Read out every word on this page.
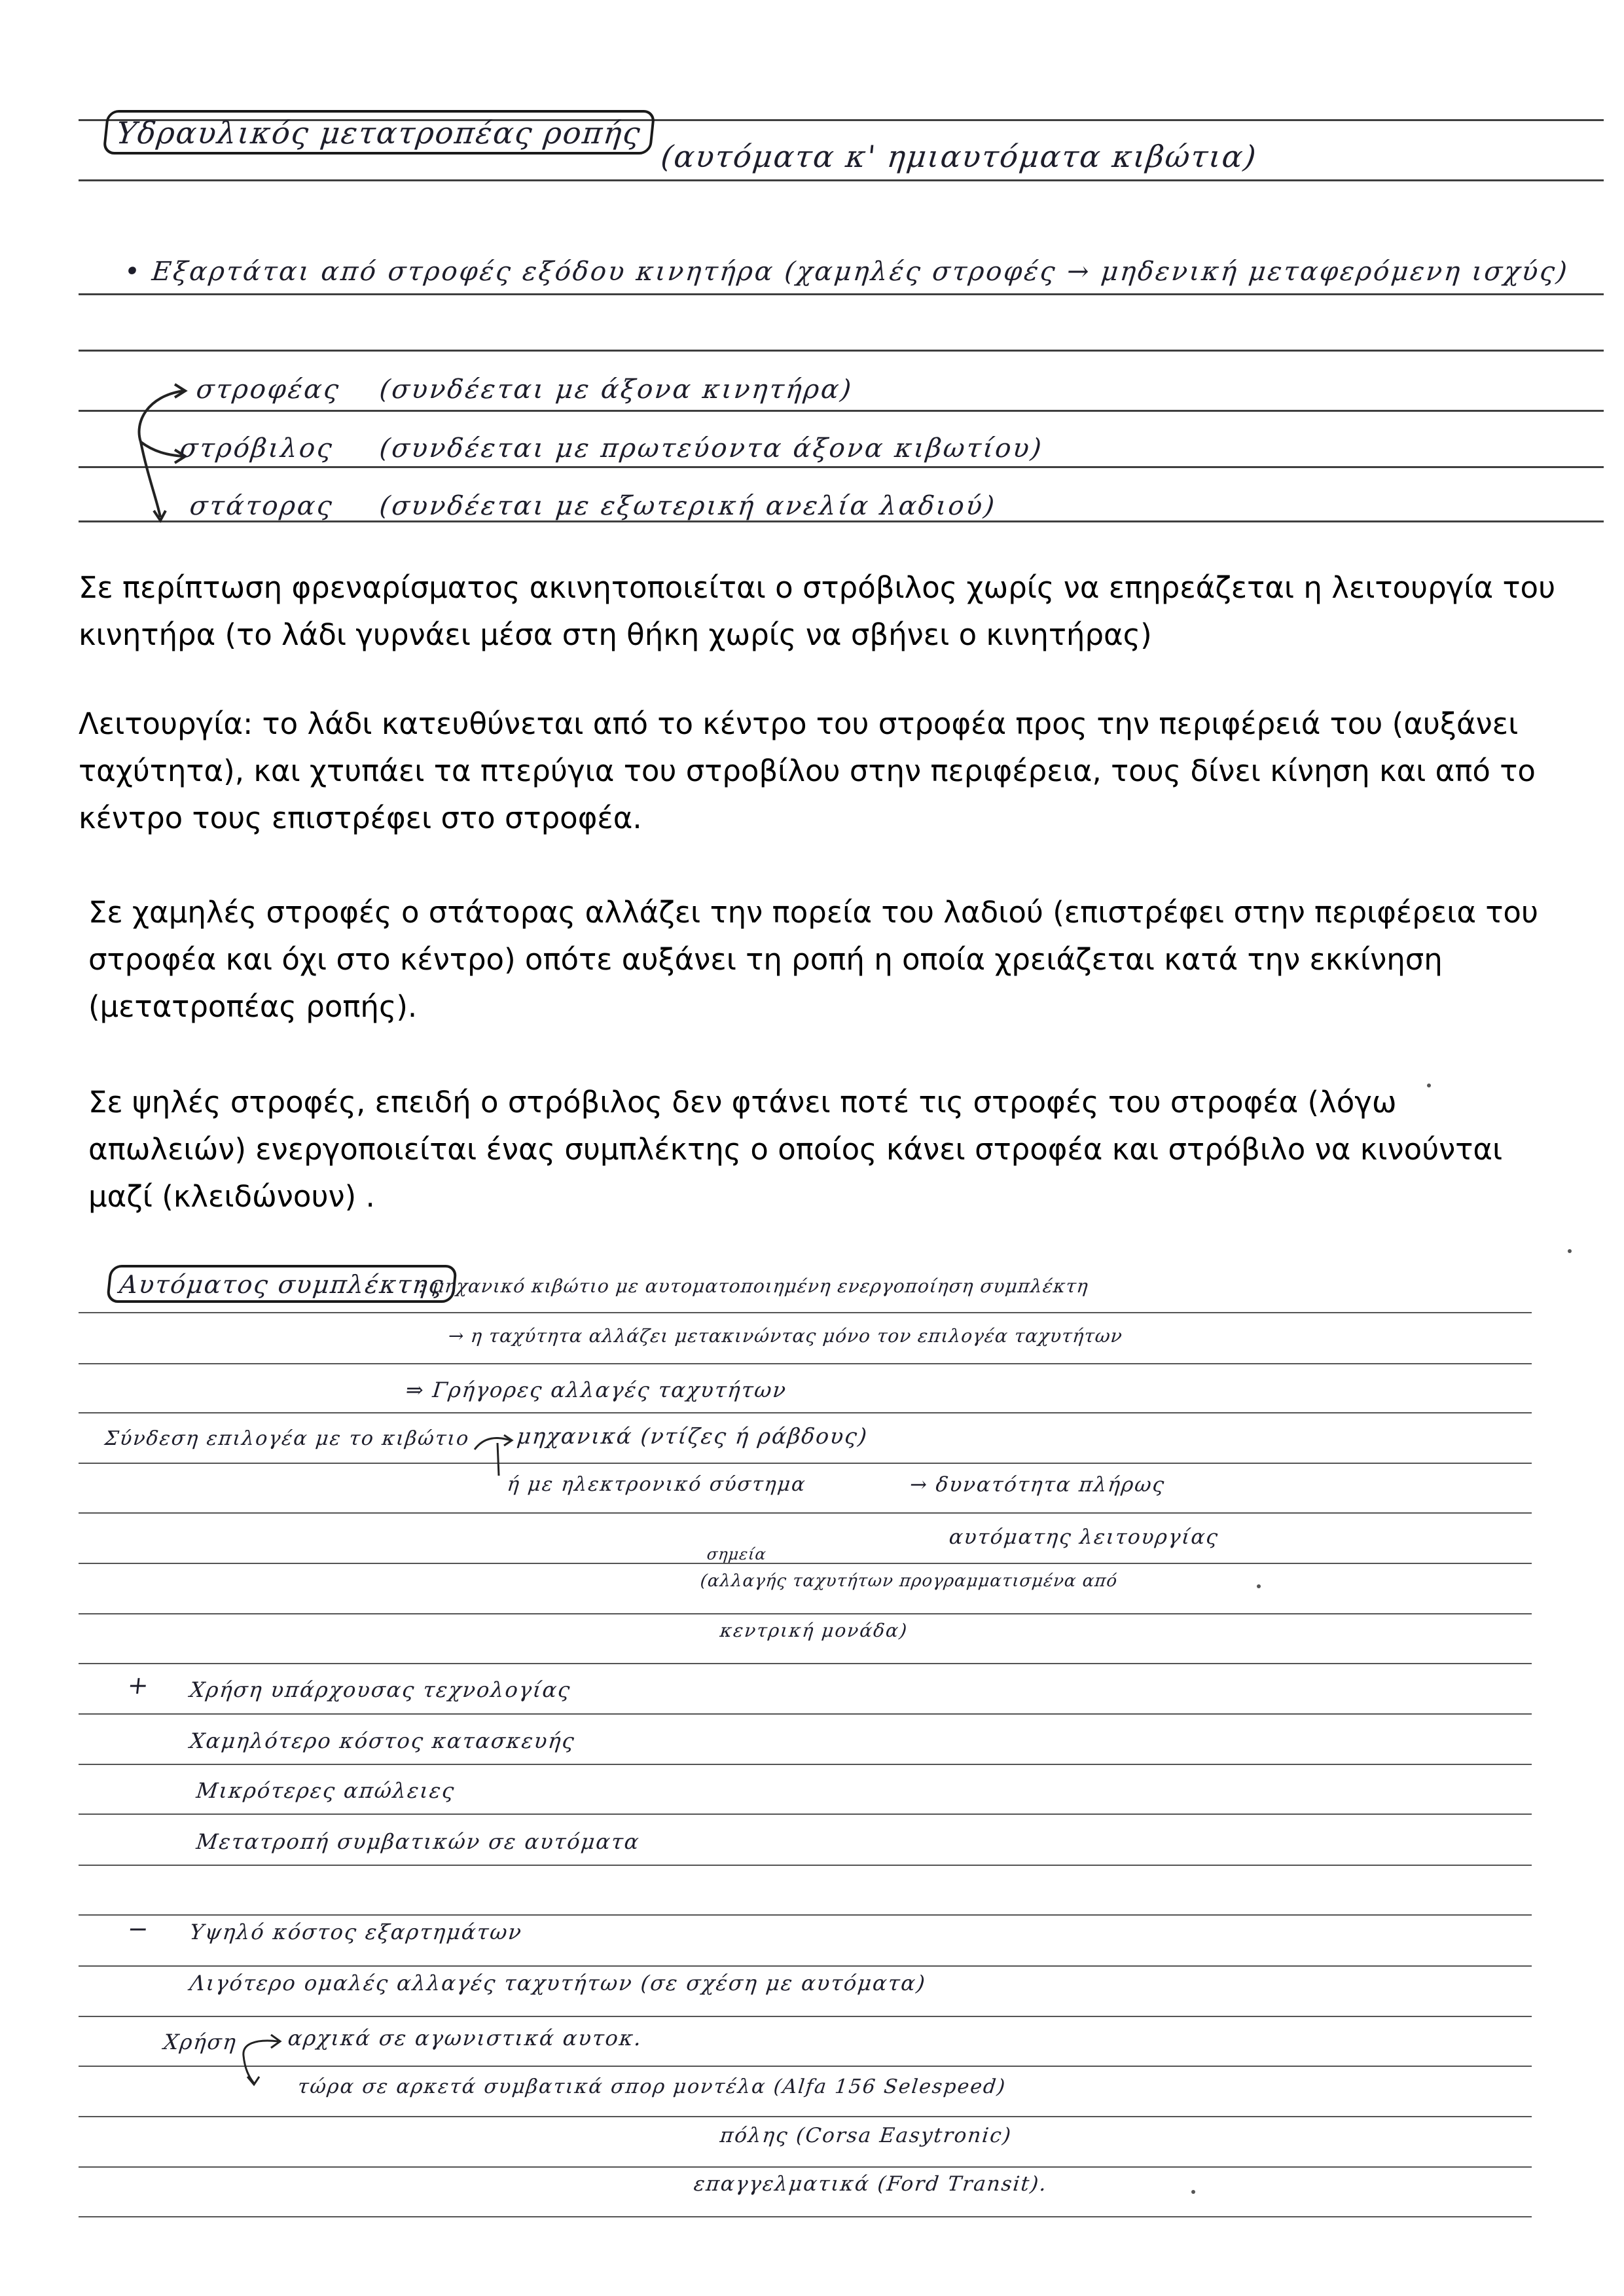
Υδραυλικός μετατροπέας ροπής
(αυτόματα κ' ημιαυτόματα κιβώτια)
• Εξαρτάται από στροφές εξόδου κινητήρα (χαμηλές στροφές → μηδενική μεταφερόμενη ισχύς)
στροφέας (συνδέεται με άξονα κινητήρα)
στρόβιλος (συνδέεται με πρωτεύοντα άξονα κιβωτίου)
στάτορας (συνδέεται με εξωτερική ανελία λαδιού)

Σε περίπτωση φρεναρίσματος ακινητοποιείται ο στρόβιλος χωρίς να επηρεάζεται η λειτουργία του κινητήρα (το λάδι γυρνάει μέσα στη θήκη χωρίς να σβήνει ο κινητήρας)

Λειτουργία: το λάδι κατευθύνεται από το κέντρο του στροφέα προς την περιφέρειά του (αυξάνει ταχύτητα), και χτυπάει τα πτερύγια του στροβίλου στην περιφέρεια, τους δίνει κίνηση και από το κέντρο τους επιστρέφει στο στροφέα.

Σε χαμηλές στροφές ο στάτορας αλλάζει την πορεία του λαδιού (επιστρέφει στην περιφέρεια του στροφέα και όχι στο κέντρο) οπότε αυξάνει τη ροπή η οποία χρειάζεται κατά την εκκίνηση (μετατροπέας ροπής).

Σε ψηλές στροφές, επειδή ο στρόβιλος δεν φτάνει ποτέ τις στροφές του στροφέα (λόγω απωλειών) ενεργοποιείται ένας συμπλέκτης ο οποίος κάνει στροφέα και στρόβιλο να κινούνται μαζί (κλειδώνουν) .

Αυτόματος συμπλέκτης
: μηχανικό κιβώτιο με αυτοματοποιημένη ενεργοποίηση συμπλέκτη
→ η ταχύτητα αλλάζει μετακινώντας μόνο τον επιλογέα ταχυτήτων
⇒ Γρήγορες αλλαγές ταχυτήτων
Σύνδεση επιλογέα με το κιβώτιο μηχανικά (ντίζες ή ράβδους)
ή με ηλεκτρονικό σύστημα	→ δυνατότητα πλήρως
αυτόματης λειτουργίας
σημεία
(αλλαγής ταχυτήτων προγραμματισμένα από
κεντρική μονάδα)
+ Χρήση υπάρχουσας τεχνολογίας
Χαμηλότερο κόστος κατασκευής
Μικρότερες απώλειες
Μετατροπή συμβατικών σε αυτόματα
− Υψηλό κόστος εξαρτημάτων
Λιγότερο ομαλές αλλαγές ταχυτήτων (σε σχέση με αυτόματα)
Χρήση αρχικά σε αγωνιστικά αυτοκ.
τώρα σε αρκετά συμβατικά σπορ μοντέλα (Alfa 156 Selespeed)
πόλης (Corsa Easytronic)
επαγγελματικά (Ford Transit).
